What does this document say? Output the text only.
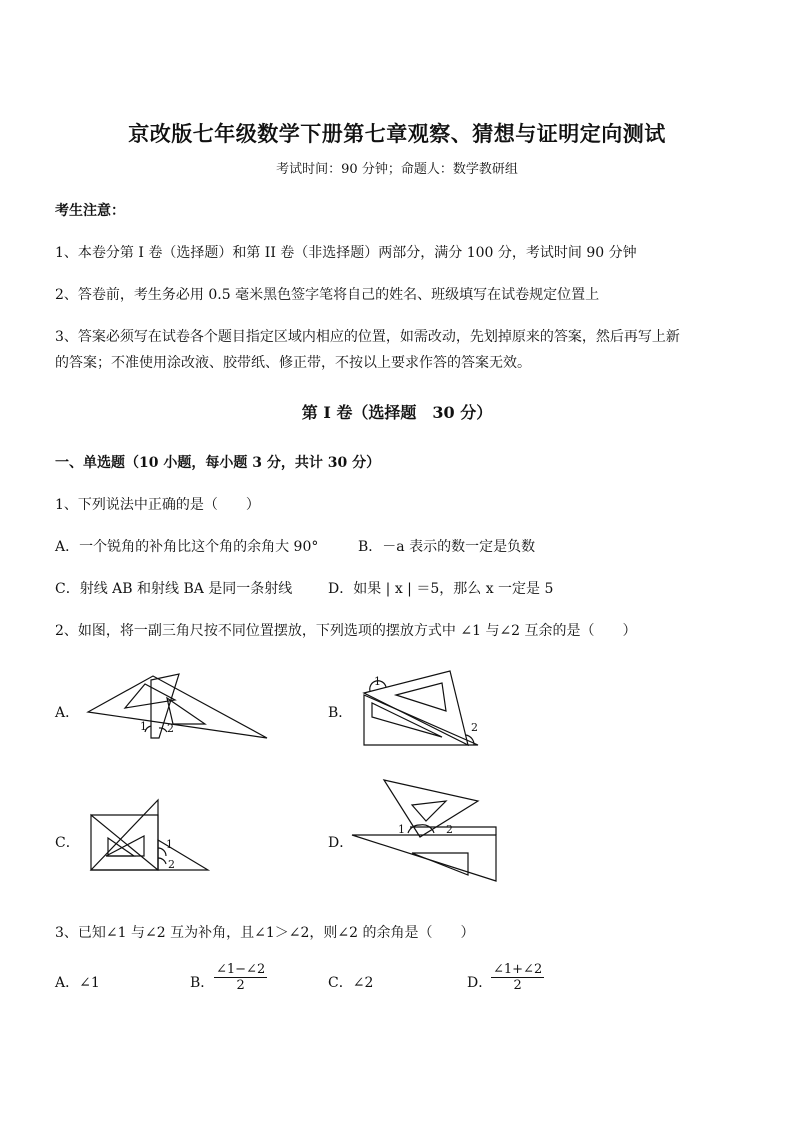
京改版七年级数学下册第七章观察、猜想与证明定向测试
考试时间：90 分钟；命题人：数学教研组
考生注意：
1、本卷分第 I 卷（选择题）和第 II 卷（非选择题）两部分，满分 100 分，考试时间 90 分钟
2、答卷前，考生务必用 0.5 毫米黑色签字笔将自己的姓名、班级填写在试卷规定位置上
3、答案必须写在试卷各个题目指定区域内相应的位置，如需改动，先划掉原来的答案，然后再写上新
的答案；不准使用涂改液、胶带纸、修正带，不按以上要求作答的答案无效。
第 I 卷（选择题　30 分）
一、单选题（10 小题，每小题 3 分，共计 30 分）
1、下列说法中正确的是（　　）
A．一个锐角的补角比这个角的余角大 90°	B．－a 表示的数一定是负数
C．射线 AB 和射线 BA 是同一条射线	D．如果 | x | ＝5，那么 x 一定是 5
2、如图，将一副三角尺按不同位置摆放，下列选项的摆放方式中 ∠1 与∠2 互余的是（　　）
A．
1 2
B．
1
2
C．	1
2
D．
1	2
3、已知∠1 与∠2 互为补角，且∠1＞∠2，则∠2 的余角是（　　）
A．∠1	B． $\frac{\angle 1-\angle 2}{2}$	C．∠2	D．
$\frac{\angle 1+\angle 2}{2}$
